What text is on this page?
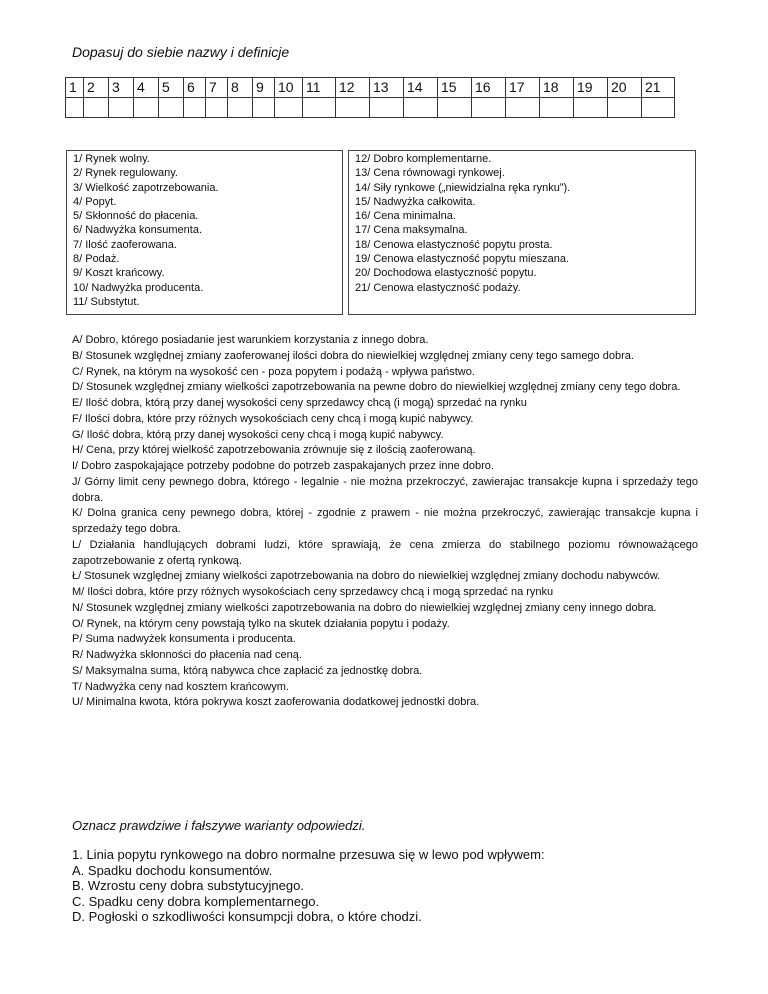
Dopasuj do siebie nazwy i definicje
1	2	3	4	5	6	7	8	9	10	11	12	13	14	15	16	17	18	19	20	21

1/ Rynek wolny.
2/ Rynek regulowany.
3/ Wielkość zapotrzebowania.
4/ Popyt.
5/ Skłonność do płacenia.
6/ Nadwyżka konsumenta.
7/ Ilość zaoferowana.
8/ Podaż.
9/ Koszt krańcowy.
10/ Nadwyżka producenta.
11/ Substytut.
12/ Dobro komplementarne.
13/ Cena równowagi rynkowej.
14/ Siły rynkowe („niewidzialna ręka rynku”).
15/ Nadwyżka całkowita.
16/ Cena minimalna.
17/ Cena maksymalna.
18/ Cenowa elastyczność popytu prosta.
19/ Cenowa elastyczność popytu mieszana.
20/ Dochodowa elastyczność popytu.
21/ Cenowa elastyczność podaży.
A/ Dobro, którego posiadanie jest warunkiem korzystania z innego dobra.
B/ Stosunek względnej zmiany zaoferowanej ilości dobra do niewielkiej względnej zmiany ceny tego samego dobra.
C/ Rynek, na którym na wysokość cen - poza popytem i podażą - wpływa państwo.
D/ Stosunek względnej zmiany wielkości zapotrzebowania na pewne dobro do niewielkiej względnej zmiany ceny tego dobra.
E/ Ilość dobra, którą przy danej wysokości ceny sprzedawcy chcą (i mogą) sprzedać na rynku
F/ Ilości dobra, które przy różnych wysokościach ceny chcą i mogą kupić nabywcy.
G/ Ilość dobra, którą przy danej wysokości ceny chcą i mogą kupić nabywcy.
H/ Cena, przy której wielkość zapotrzebowania zrównuje się z ilością zaoferowaną.
I/ Dobro zaspokajające potrzeby podobne do potrzeb zaspakajanych przez inne dobro.
J/ Górny limit ceny pewnego dobra, którego - legalnie - nie można przekroczyć, zawierajac transakcje kupna i sprzedaży tego dobra.
K/ Dolna granica ceny pewnego dobra, której - zgodnie z prawem - nie można przekroczyć, zawierając transakcje kupna i sprzedaży tego dobra.
L/ Działania handlujących dobrami ludzi, które sprawiają, że cena zmierza do stabilnego poziomu równoważącego zapotrzebowanie z ofertą rynkową.
Ł/ Stosunek względnej zmiany wielkości zapotrzebowania na dobro do niewielkiej względnej zmiany dochodu nabywców.
M/ Ilości dobra, które przy różnych wysokościach ceny sprzedawcy chcą i mogą sprzedać na rynku
N/ Stosunek względnej zmiany wielkości zapotrzebowania na dobro do niewielkiej względnej zmiany ceny innego dobra.
O/ Rynek, na którym ceny powstają tylko na skutek działania popytu i podaży.
P/ Suma nadwyżek konsumenta i producenta.
R/ Nadwyżka skłonności do płacenia nad ceną.
S/ Maksymalna suma, którą nabywca chce zapłacić za jednostkę dobra.
T/ Nadwyżka ceny nad kosztem krańcowym.
U/ Minimalna kwota, która pokrywa koszt zaoferowania dodatkowej jednostki dobra.
Oznacz prawdziwe i fałszywe warianty odpowiedzi.
1. Linia popytu rynkowego na dobro normalne przesuwa się w lewo pod wpływem:
A. Spadku dochodu konsumentów.
B. Wzrostu ceny dobra substytucyjnego.
C. Spadku ceny dobra komplementarnego.
D. Pogłoski o szkodliwości konsumpcji dobra, o które chodzi.
